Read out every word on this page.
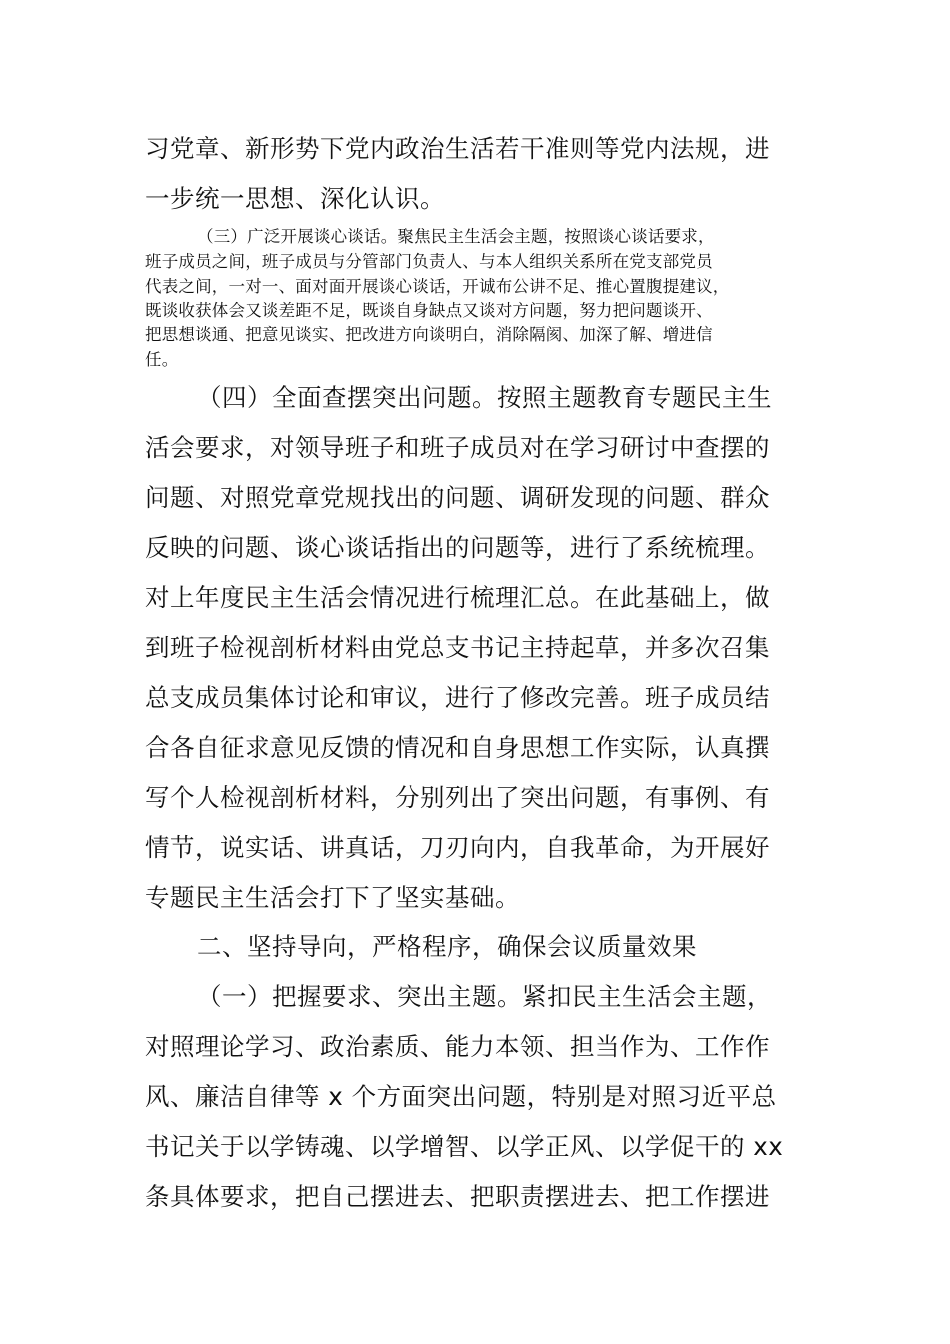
习党章、新形势下党内政治生活若干准则等党内法规，进
一步统一思想、深化认识。
（三）广泛开展谈心谈话。聚焦民主生活会主题，按照谈心谈话要求，
班子成员之间，班子成员与分管部门负责人、与本人组织关系所在党支部党员
代表之间，一对一、面对面开展谈心谈话，开诚布公讲不足、推心置腹提建议，
既谈收获体会又谈差距不足，既谈自身缺点又谈对方问题，努力把问题谈开、
把思想谈通、把意见谈实、把改进方向谈明白，消除隔阂、加深了解、增进信
任。
（四）全面查摆突出问题。按照主题教育专题民主生
活会要求，对领导班子和班子成员对在学习研讨中查摆的
问题、对照党章党规找出的问题、调研发现的问题、群众
反映的问题、谈心谈话指出的问题等，进行了系统梳理。
对上年度民主生活会情况进行梳理汇总。在此基础上，做
到班子检视剖析材料由党总支书记主持起草，并多次召集
总支成员集体讨论和审议，进行了修改完善。班子成员结
合各自征求意见反馈的情况和自身思想工作实际，认真撰
写个人检视剖析材料，分别列出了突出问题，有事例、有
情节，说实话、讲真话，刀刃向内，自我革命，为开展好
专题民主生活会打下了坚实基础。
二、坚持导向，严格程序，确保会议质量效果
（一）把握要求、突出主题。紧扣民主生活会主题，
对照理论学习、政治素质、能力本领、担当作为、工作作
风、廉洁自律等 x 个方面突出问题，特别是对照习近平总
书记关于以学铸魂、以学增智、以学正风、以学促干的 xx
条具体要求，把自己摆进去、把职责摆进去、把工作摆进
